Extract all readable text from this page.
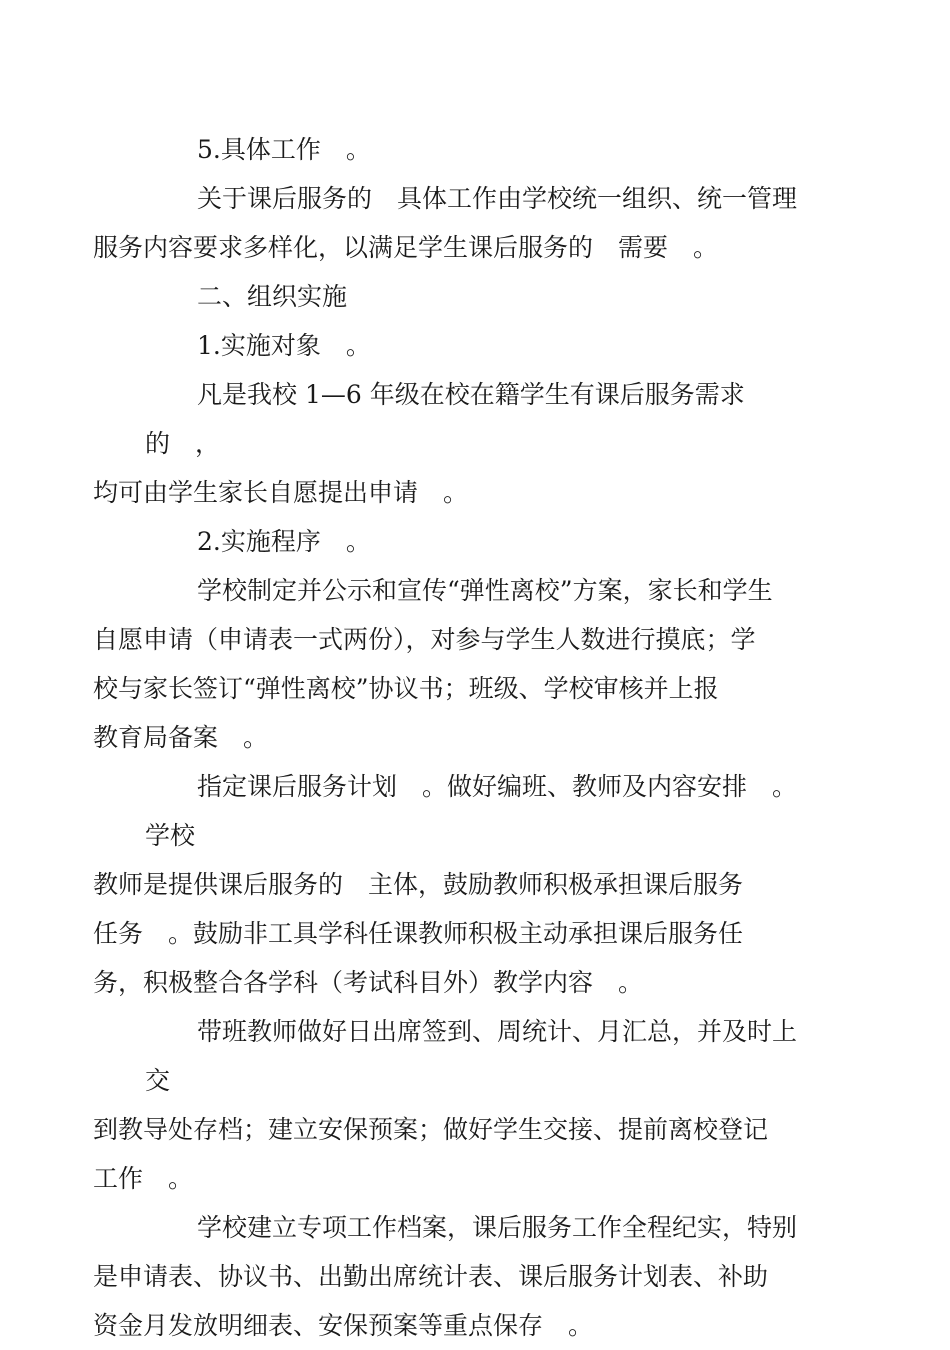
5.具体工作　。

关于课后服务的　具体工作由学校统一组织、统一管理
服务内容要求多样化，以满足学生课后服务的　需要　。

二、组织实施

1.实施对象　。

凡是我校 1—6 年级在校在籍学生有课后服务需求的　，
均可由学生家长自愿提出申请　。

2.实施程序　。

学校制定并公示和宣传“弹性离校”方案，家长和学生
自愿申请（申请表一式两份），对参与学生人数进行摸底；学
校与家长签订“弹性离校”协议书；班级、学校审核并上报
教育局备案　。

指定课后服务计划　。做好编班、教师及内容安排　。学校
教师是提供课后服务的　主体，鼓励教师积极承担课后服务
任务　。鼓励非工具学科任课教师积极主动承担课后服务任
务，积极整合各学科（考试科目外）教学内容　。

带班教师做好日出席签到、周统计、月汇总，并及时上交
到教导处存档；建立安保预案；做好学生交接、提前离校登记
工作　。

学校建立专项工作档案，课后服务工作全程纪实，特别
是申请表、协议书、出勤出席统计表、课后服务计划表、补助
资金月发放明细表、安保预案等重点保存　。
